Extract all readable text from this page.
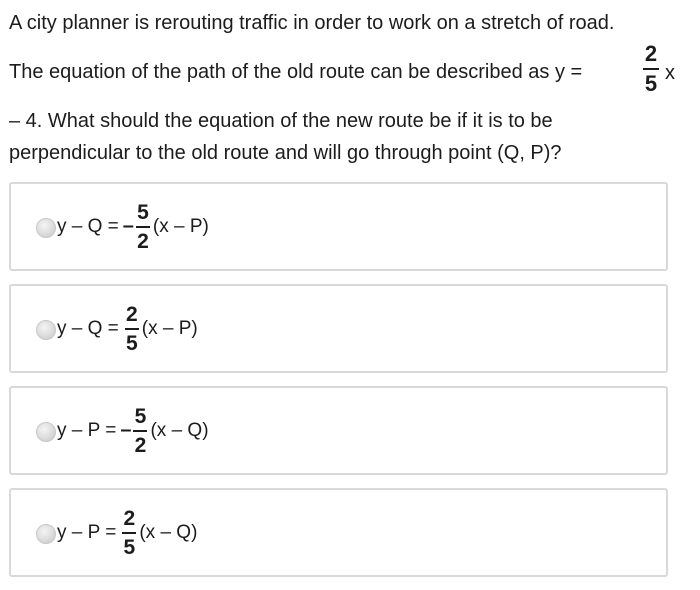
A city planner is rerouting traffic in order to work on a stretch of road.
The equation of the path of the old route can be described as y =
2
5 x
– 4. What should the equation of the new route be if it is to be
perpendicular to the old route and will go through point (Q, P)?
y – Q = – $\frac{5}{2} (x - P)$
$y - Q = \frac{2}{5} (x - P)$
y – P = – $\frac{5}{2} (x - Q)$
$y - P = \frac{2}{5} (x - Q)$
